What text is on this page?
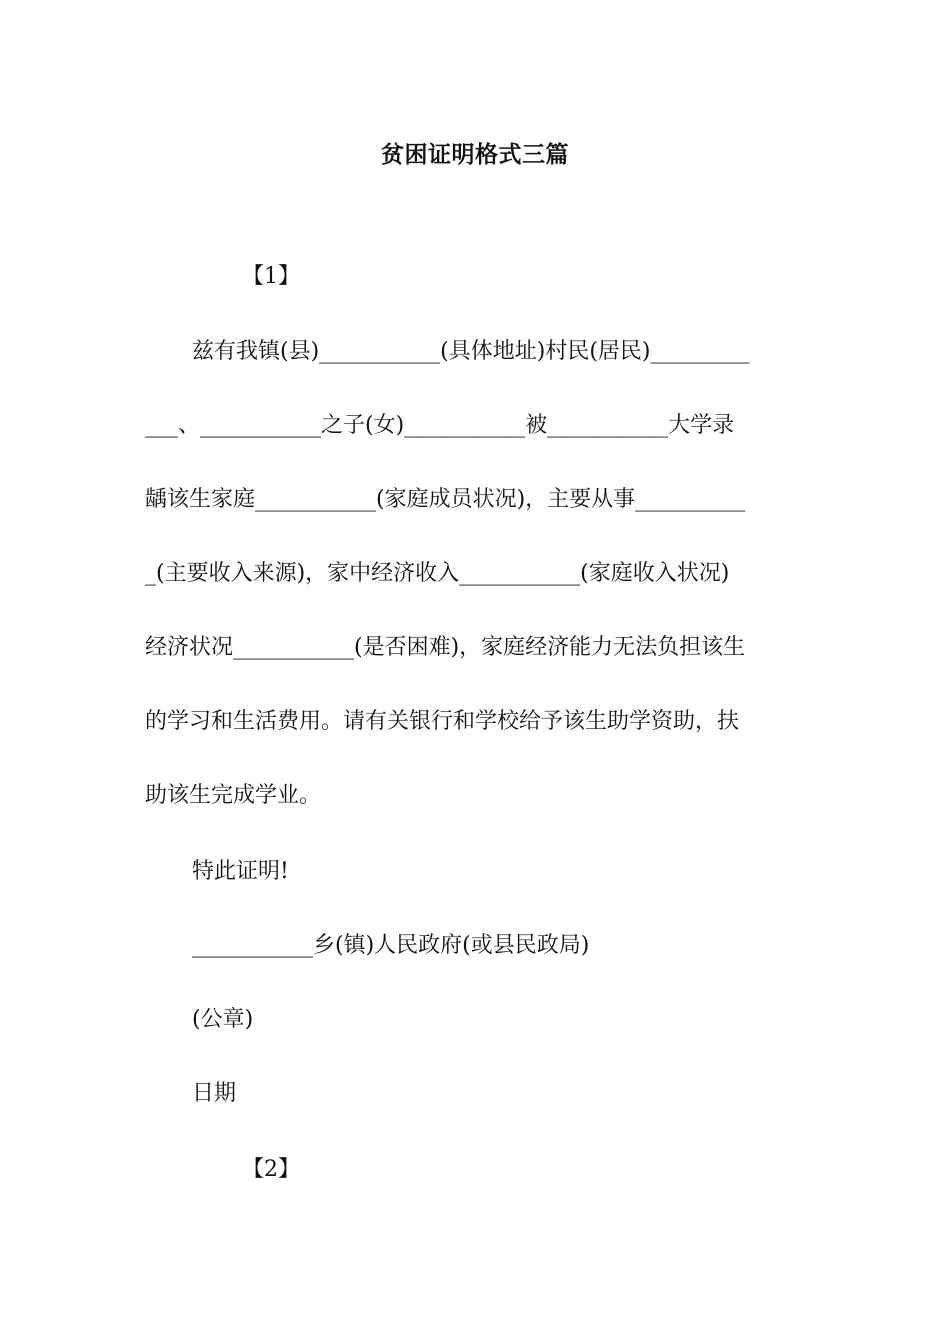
贫困证明格式三篇
【1】
兹有我镇(县)___________(具体地址)村民(居民)_________
___、___________之子(女)___________被___________大学录
龋该生家庭___________(家庭成员状况)，主要从事__________
_(主要收入来源)，家中经济收入___________(家庭收入状况)
经济状况___________(是否困难)，家庭经济能力无法负担该生
的学习和生活费用。请有关银行和学校给予该生助学资助，扶
助该生完成学业。
特此证明!
___________乡(镇)人民政府(或县民政局)
(公章)
日期
【2】
